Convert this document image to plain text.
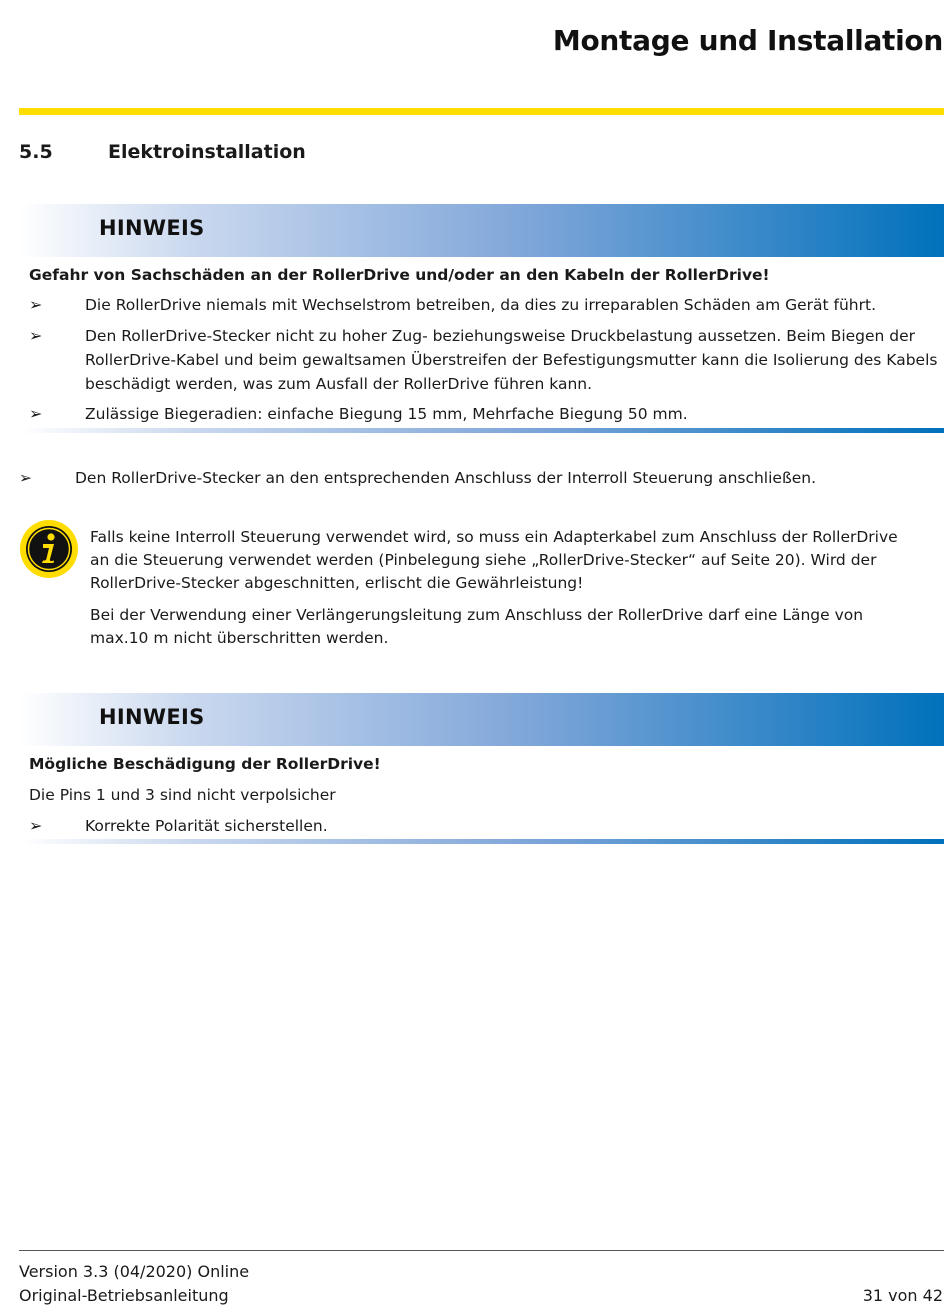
Montage und Installation
5.5	Elektroinstallation
HINWEIS
Gefahr von Sachschäden an der RollerDrive und/oder an den Kabeln der RollerDrive!
➢	Die RollerDrive niemals mit Wechselstrom betreiben, da dies zu irreparablen Schäden am Gerät führt.
➢	Den RollerDrive-Stecker nicht zu hoher Zug- beziehungsweise Druckbelastung aussetzen. Beim Biegen der RollerDrive-Kabel und beim gewaltsamen Überstreifen der Befestigungsmutter kann die Isolierung des Kabels beschädigt werden, was zum Ausfall der RollerDrive führen kann.
➢	Zulässige Biegeradien: einfache Biegung 15 mm, Mehrfache Biegung 50 mm.
➢	Den RollerDrive-Stecker an den entsprechenden Anschluss der Interroll Steuerung anschließen.
Falls keine Interroll Steuerung verwendet wird, so muss ein Adapterkabel zum Anschluss der RollerDrive an die Steuerung verwendet werden (Pinbelegung siehe „RollerDrive-Stecker“ auf Seite 20). Wird der RollerDrive-Stecker abgeschnitten, erlischt die Gewährleistung!
Bei der Verwendung einer Verlängerungsleitung zum Anschluss der RollerDrive darf eine Länge von max.10 m nicht überschritten werden.
HINWEIS
Mögliche Beschädigung der RollerDrive!
Die Pins 1 und 3 sind nicht verpolsicher
➢	Korrekte Polarität sicherstellen.
Version 3.3 (04/2020) Online
Original-Betriebsanleitung	31 von 42
